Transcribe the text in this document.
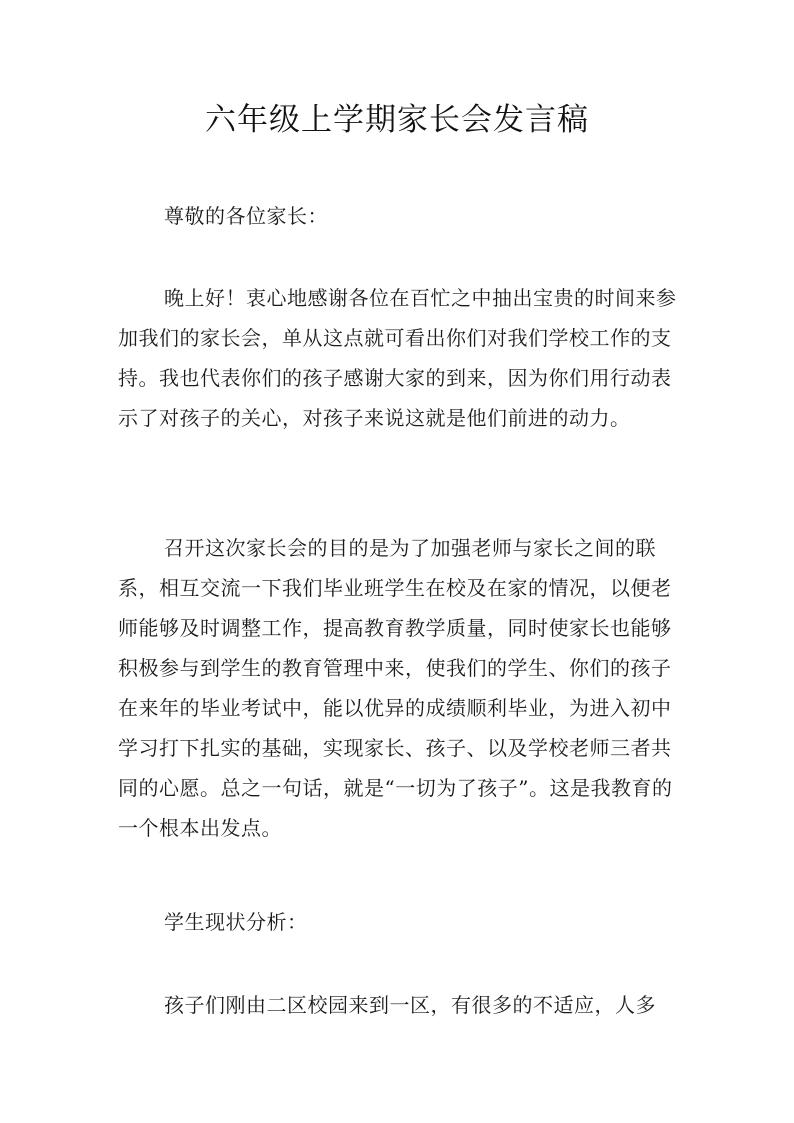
六年级上学期家长会发言稿
尊敬的各位家长：

晚上好！衷心地感谢各位在百忙之中抽出宝贵的时间来参加我们的家长会，单从这点就可看出你们对我们学校工作的支持。我也代表你们的孩子感谢大家的到来，因为你们用行动表示了对孩子的关心，对孩子来说这就是他们前进的动力。

召开这次家长会的目的是为了加强老师与家长之间的联系，相互交流一下我们毕业班学生在校及在家的情况，以便老师能够及时调整工作，提高教育教学质量，同时使家长也能够积极参与到学生的教育管理中来，使我们的学生、你们的孩子在来年的毕业考试中，能以优异的成绩顺利毕业，为进入初中学习打下扎实的基础，实现家长、孩子、以及学校老师三者共同的心愿。总之一句话，就是“一切为了孩子”。这是我教育的一个根本出发点。

学生现状分析：
孩子们刚由二区校园来到一区，有很多的不适应，人多
